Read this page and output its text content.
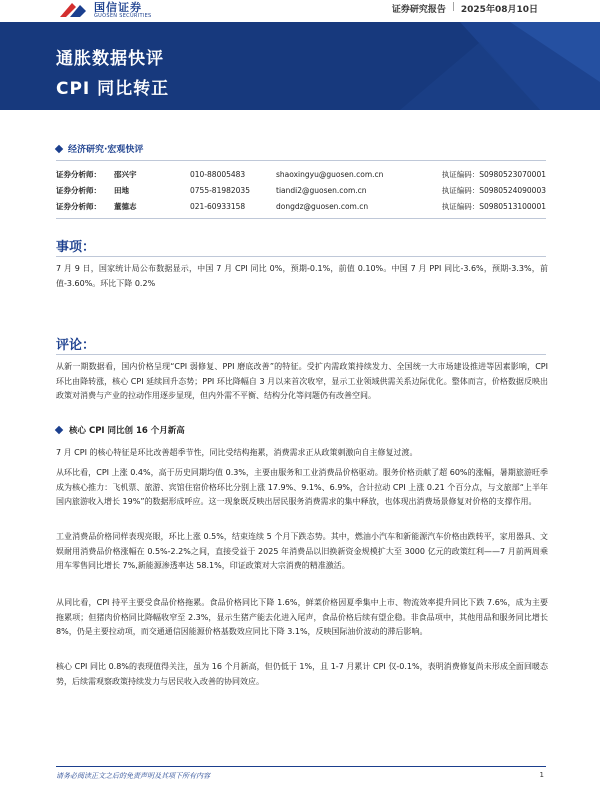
国信证券
GUOSEN SECURITIES
证券研究报告 | 2025年08月10日
通胀数据快评
CPI 同比转正
经济研究·宏观快评
证券分析师：	邵兴宇	010-88005483	shaoxingyu@guosen.com.cn	执证编码：S0980523070001
证券分析师：	田地	0755-81982035	tiandi2@guosen.com.cn	执证编码：S0980524090003
证券分析师：	董德志	021-60933158	dongdz@guosen.com.cn	执证编码：S0980513100001
事项：

7 月 9 日，国家统计局公布数据显示，中国 7 月 CPI 同比 0%，预期-0.1%，前值 0.10%。中国 7 月 PPI 同比-3.6%，预期-3.3%，前值-3.60%。环比下降 0.2%

评论：

从新一期数据看，国内价格呈现“CPI 弱修复、PPI 磨底改善”的特征。受扩内需政策持续发力、全国统一大市场建设推进等因素影响，CPI 环比由降转涨，核心 CPI 延续回升态势；PPI 环比降幅自 3 月以来首次收窄，显示工业领域供需关系边际优化。整体而言，价格数据反映出政策对消费与产业的拉动作用逐步显现，但内外需不平衡、结构分化等问题仍有改善空间。

核心 CPI 同比创 16 个月新高

7 月 CPI 的核心特征是环比改善超季节性，同比受结构拖累，消费需求正从政策刺激向自主修复过渡。

从环比看，CPI 上涨 0.4%，高于历史同期均值 0.3%，主要由服务和工业消费品价格驱动。服务价格贡献了超 60%的涨幅，暑期旅游旺季成为核心推力：飞机票、旅游、宾馆住宿价格环比分别上涨 17.9%、9.1%、6.9%，合计拉动 CPI 上涨 0.21 个百分点，与文旅部“上半年国内旅游收入增长 19%”的数据形成呼应。这一现象既反映出居民服务消费需求的集中释放，也体现出消费场景修复对价格的支撑作用。

工业消费品价格同样表现亮眼，环比上涨 0.5%，结束连续 5 个月下跌态势。其中，燃油小汽车和新能源汽车价格由跌转平，家用器具、文娱耐用消费品价格涨幅在 0.5%-2.2%之间，直接受益于 2025 年消费品以旧换新资金规模扩大至 3000 亿元的政策红利——7 月前两周乘用车零售同比增长 7%,新能源渗透率达 58.1%，印证政策对大宗消费的精准激活。

从同比看，CPI 持平主要受食品价格拖累。食品价格同比下降 1.6%，鲜菜价格因夏季集中上市、物流效率提升同比下跌 7.6%，成为主要拖累项；但猪肉价格同比降幅收窄至 2.3%，显示生猪产能去化进入尾声，食品价格后续有望企稳。非食品项中，其他用品和服务同比增长 8%，仍是主要拉动项，而交通通信因能源价格基数效应同比下降 3.1%，反映国际油价波动的滞后影响。

核心 CPI 同比 0.8%的表现值得关注，虽为 16 个月新高，但仍低于 1%，且 1-7 月累计 CPI 仅-0.1%，表明消费修复尚未形成全面回暖态势，后续需观察政策持续发力与居民收入改善的协同效应。

请务必阅读正文之后的免责声明及其项下所有内容	1
